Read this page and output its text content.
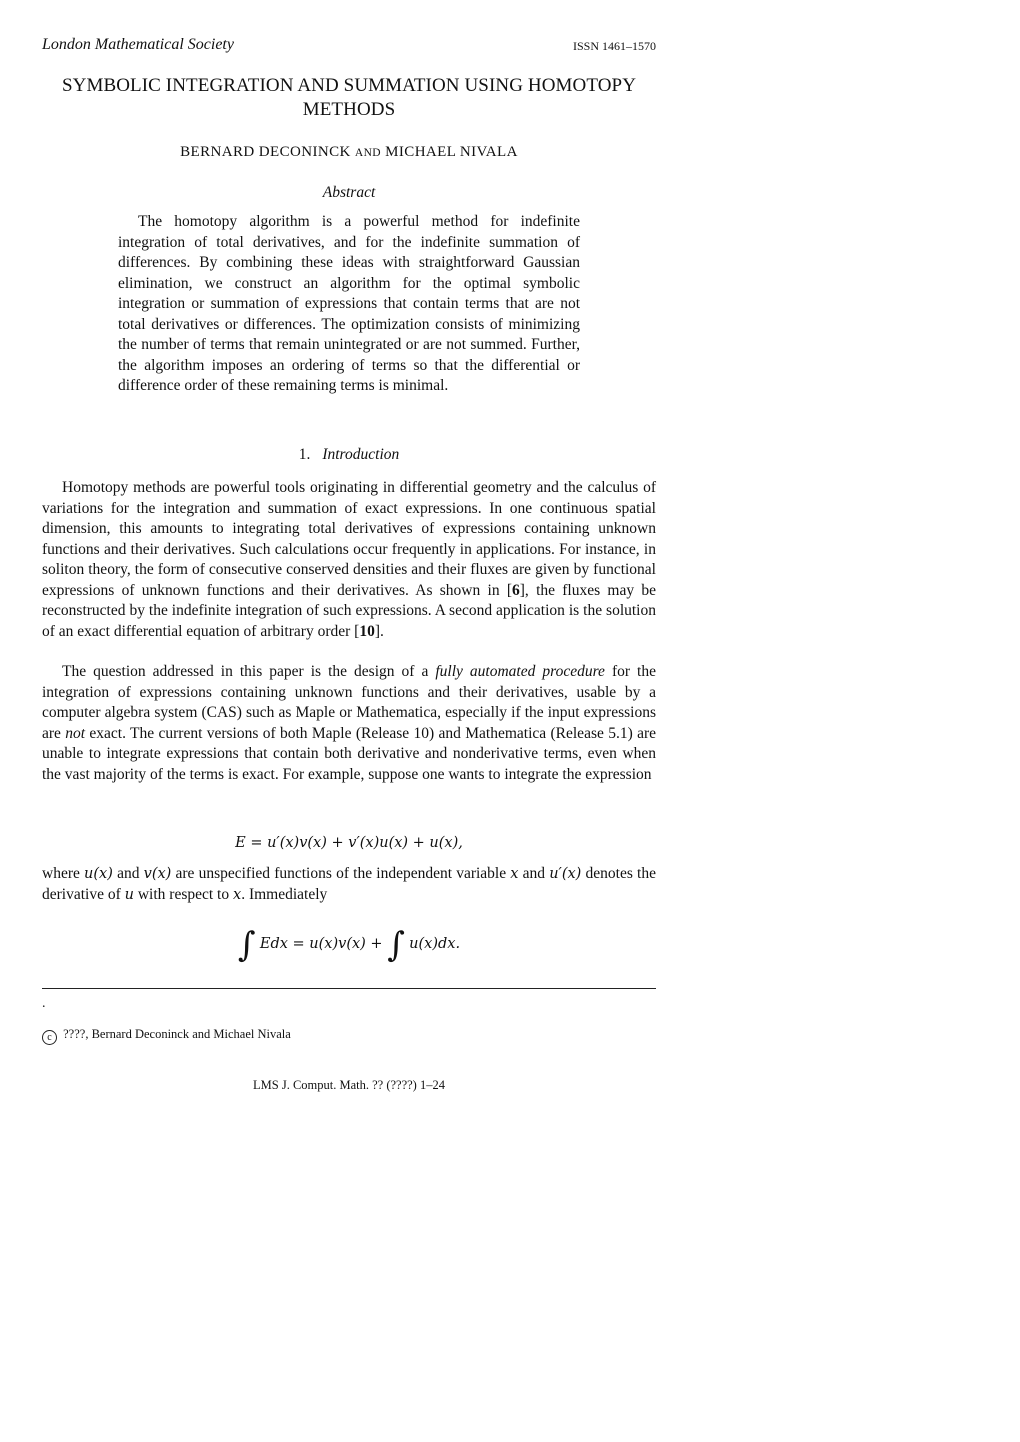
London Mathematical Society	ISSN 1461–1570
SYMBOLIC INTEGRATION AND SUMMATION USING HOMOTOPY
METHODS
BERNARD DECONINCK AND MICHAEL NIVALA
Abstract
The homotopy algorithm is a powerful method for indefinite integration of total derivatives, and for the indefinite summation of differences. By combining these ideas with straightforward Gaussian elimination, we construct an algorithm for the optimal symbolic integration or summation of expressions that contain terms that are not total derivatives or differences. The optimization consists of minimizing the number of terms that remain unintegrated or are not summed. Further, the algorithm imposes an ordering of terms so that the differential or difference order of these remaining terms is minimal.
1. Introduction

Homotopy methods are powerful tools originating in differential geometry and the calculus of variations for the integration and summation of exact expressions. In one continuous spatial dimension, this amounts to integrating total derivatives of expressions containing unknown functions and their derivatives. Such calculations occur frequently in applications. For instance, in soliton theory, the form of consecutive conserved densities and their fluxes are given by functional expressions of unknown functions and their derivatives. As shown in [6], the fluxes may be reconstructed by the indefinite integration of such expressions. A second application is the solution of an exact differential equation of arbitrary order [10].

The question addressed in this paper is the design of a fully automated procedure for the integration of expressions containing unknown functions and their derivatives, usable by a computer algebra system (CAS) such as Maple or Mathematica, especially if the input expressions are not exact. The current versions of both Maple (Release 10) and Mathematica (Release 5.1) are unable to integrate expressions that contain both derivative and nonderivative terms, even when the vast majority of the terms is exact. For example, suppose one wants to integrate the expression

E = u′(x)v(x) + v′(x)u(x) + u(x),
where u(x) and v(x) are unspecified functions of the independent variable x and u′(x) denotes the derivative of u with respect to x. Immediately
∫ Edx = u(x)v(x) + ∫ u(x)dx.
.
c ????, Bernard Deconinck and Michael Nivala
LMS J. Comput. Math. ?? (????) 1–24
